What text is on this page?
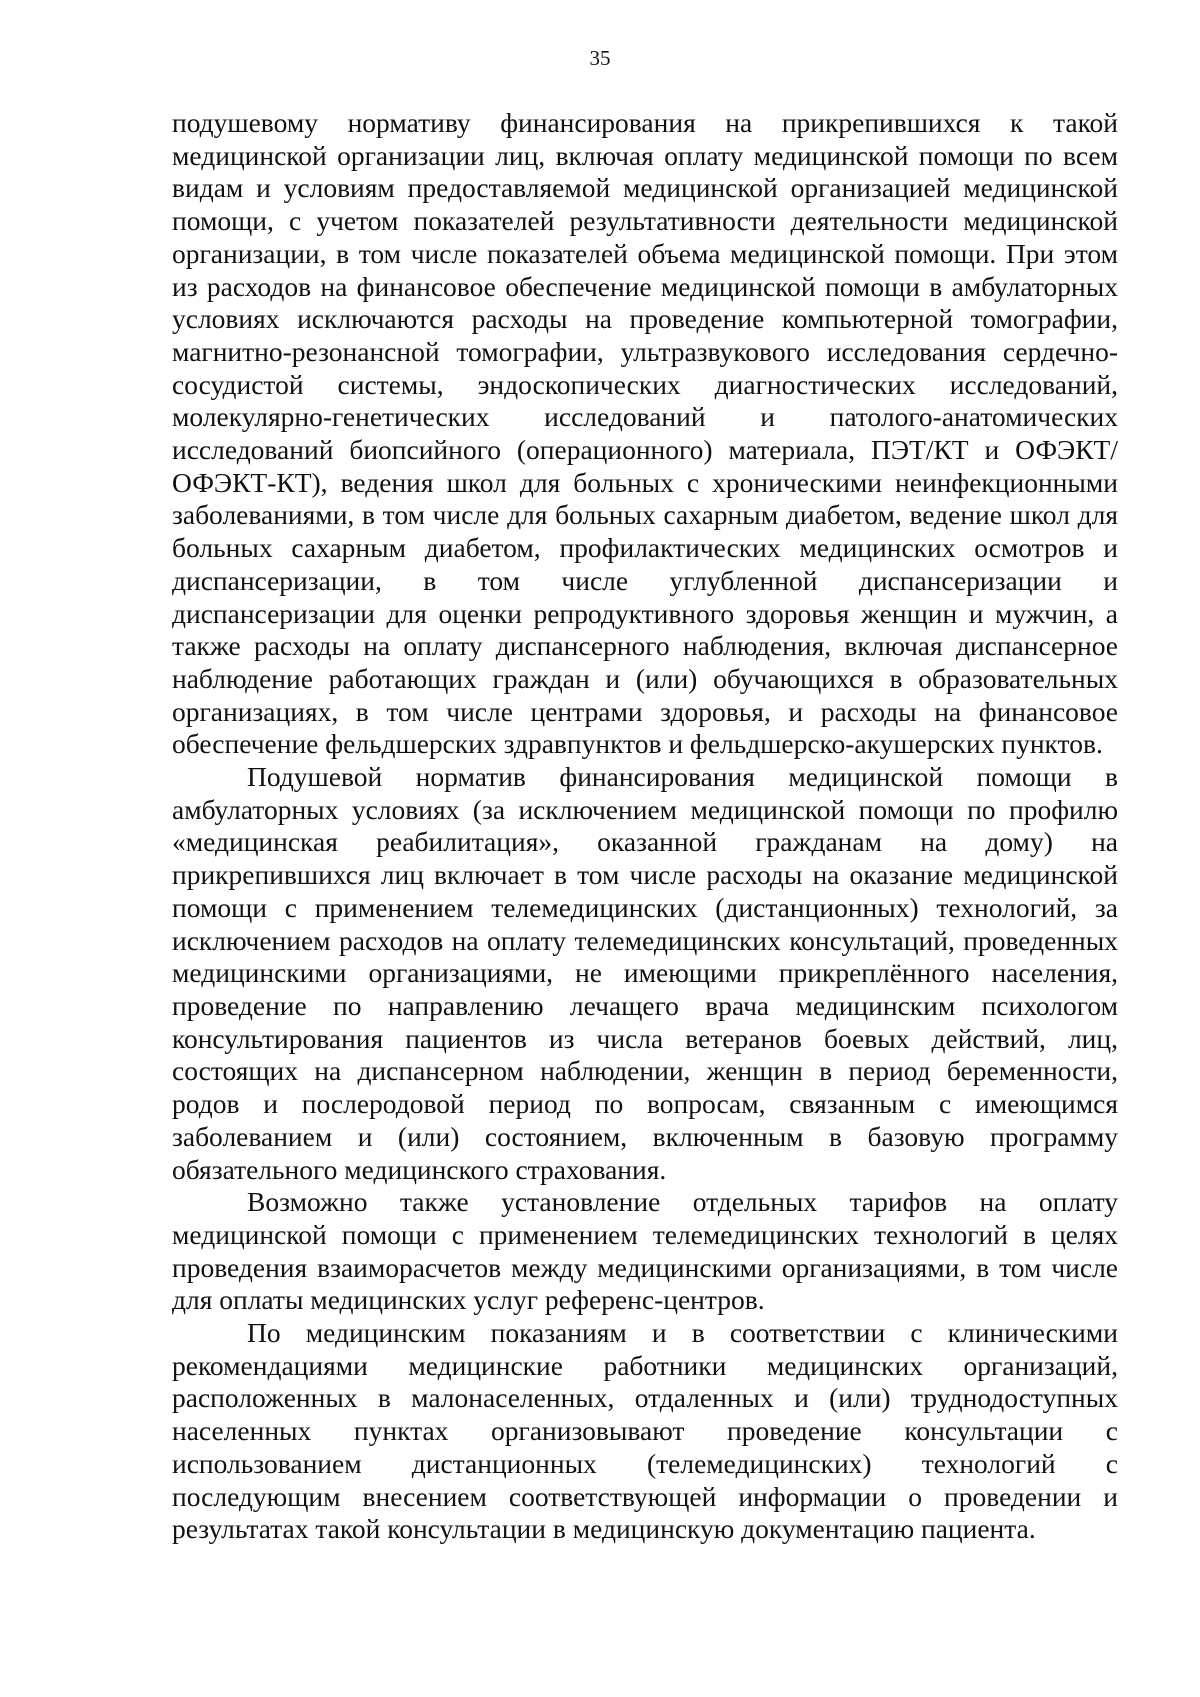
35

подушевому нормативу финансирования на прикрепившихся к такой медицинской организации лиц, включая оплату медицинской помощи по всем видам и условиям предоставляемой медицинской организацией медицинской помощи, с учетом показателей результативности деятельности медицинской организации, в том числе показателей объема медицинской помощи. При этом из расходов на финансовое обеспечение медицинской помощи в амбулаторных условиях исключаются расходы на проведение компьютерной томографии, магнитно-резонансной томографии, ультразвукового исследования сердечно-сосудистой системы, эндоскопических диагностических исследований, молекулярно-генетических исследований и патолого-анатомических исследований биопсийного (операционного) материала, ПЭТ/КТ и ОФЭКТ/ОФЭКТ-КТ), ведения школ для больных с хроническими неинфекционными заболеваниями, в том числе для больных сахарным диабетом, ведение школ для больных сахарным диабетом, профилактических медицинских осмотров и диспансеризации, в том числе углубленной диспансеризации и диспансеризации для оценки репродуктивного здоровья женщин и мужчин, а также расходы на оплату диспансерного наблюдения, включая диспансерное наблюдение работающих граждан и (или) обучающихся в образовательных организациях, в том числе центрами здоровья, и расходы на финансовое обеспечение фельдшерских здравпунктов и фельдшерско-акушерских пунктов.

Подушевой норматив финансирования медицинской помощи в амбулаторных условиях (за исключением медицинской помощи по профилю «медицинская реабилитация», оказанной гражданам на дому) на прикрепившихся лиц включает в том числе расходы на оказание медицинской помощи с применением телемедицинских (дистанционных) технологий, за исключением расходов на оплату телемедицинских консультаций, проведенных медицинскими организациями, не имеющими прикреплённого населения, проведение по направлению лечащего врача медицинским психологом консультирования пациентов из числа ветеранов боевых действий, лиц, состоящих на диспансерном наблюдении, женщин в период беременности, родов и послеродовой период по вопросам, связанным с имеющимся заболеванием и (или) состоянием, включенным в базовую программу обязательного медицинского страхования.

Возможно также установление отдельных тарифов на оплату медицинской помощи с применением телемедицинских технологий в целях проведения взаиморасчетов между медицинскими организациями, в том числе для оплаты медицинских услуг референс-центров.

По медицинским показаниям и в соответствии с клиническими рекомендациями медицинские работники медицинских организаций, расположенных в малонаселенных, отдаленных и (или) труднодоступных населенных пунктах организовывают проведение консультации с использованием дистанционных (телемедицинских) технологий с последующим внесением соответствующей информации о проведении и результатах такой консультации в медицинскую документацию пациента.
